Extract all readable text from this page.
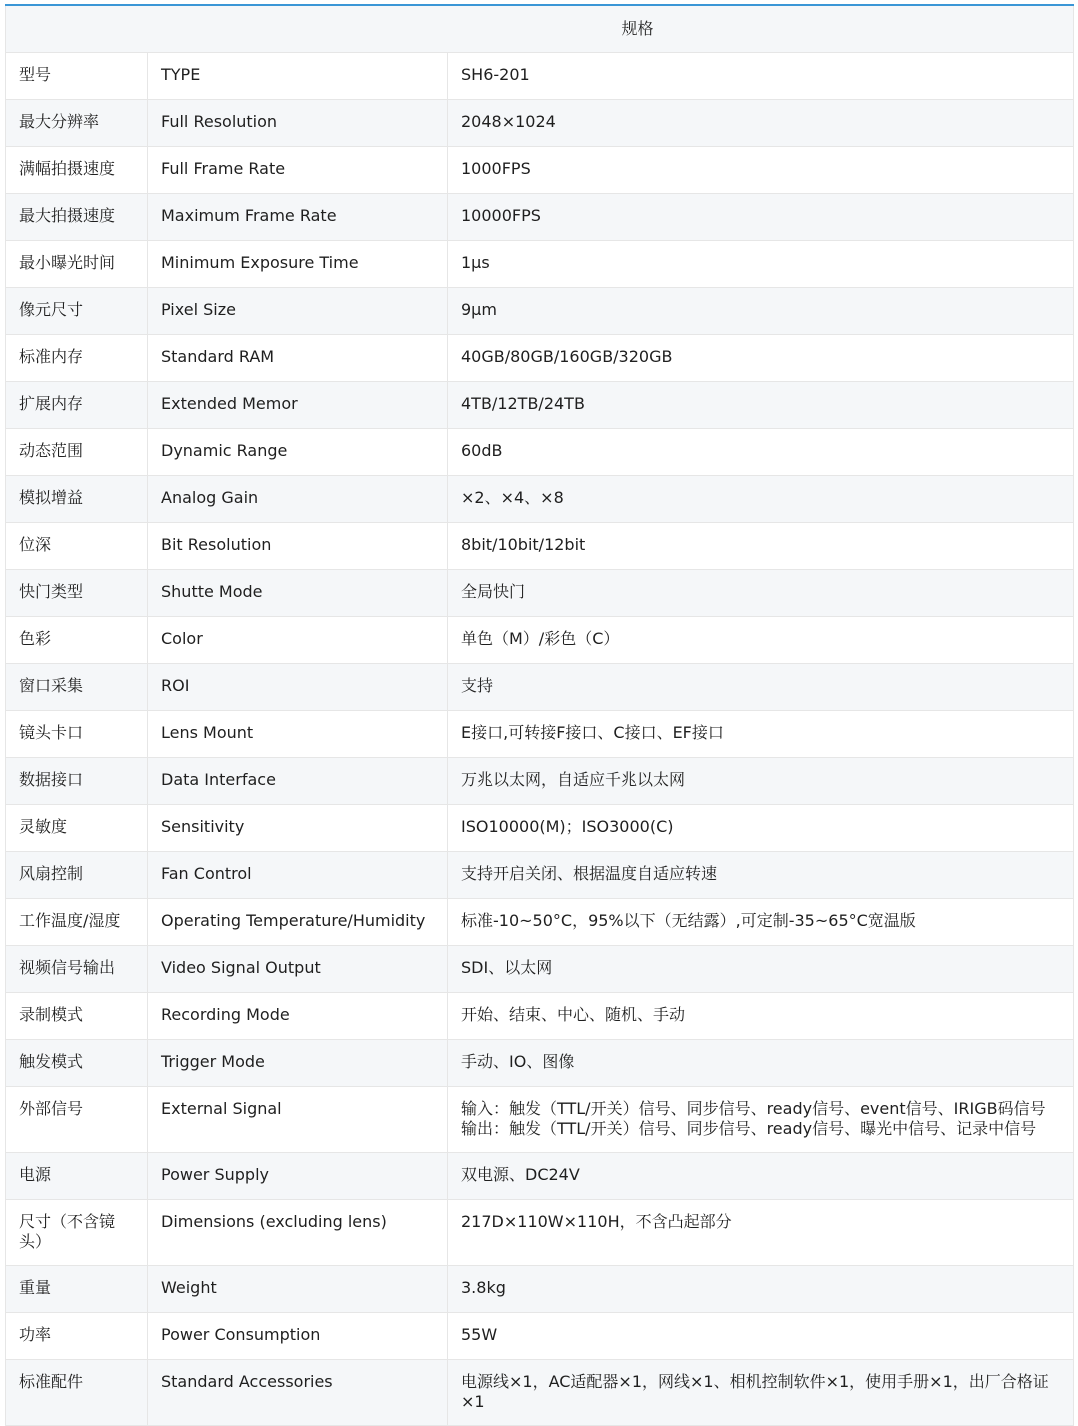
规格		
型号	TYPE	SH6-201

最大分辨率	Full Resolution	2048×1024

满幅拍摄速度	Full Frame Rate	1000FPS

最大拍摄速度	Maximum Frame Rate	10000FPS

最小曝光时间	Minimum Exposure Time	1μs

像元尺寸	Pixel Size	9μm

标准内存	Standard RAM	40GB/80GB/160GB/320GB

扩展内存	Extended Memor	4TB/12TB/24TB

动态范围	Dynamic Range	60dB

模拟增益	Analog Gain	×2、×4、×8

位深	Bit Resolution	8bit/10bit/12bit

快门类型	Shutte Mode	全局快门

色彩	Color	单色（M）/彩色（C）

窗口采集	ROI	支持

镜头卡口	Lens Mount	E接口,可转接F接口、C接口、EF接口

数据接口	Data Interface	万兆以太网，自适应千兆以太网

灵敏度	Sensitivity	ISO10000(M)；ISO3000(C)

风扇控制	Fan Control	支持开启关闭、根据温度自适应转速

工作温度/湿度	Operating Temperature/Humidity	标准-10~50°C，95%以下（无结露）,可定制-35~65°C宽温版

视频信号输出	Video Signal Output	SDI、以太网

录制模式	Recording Mode	开始、结束、中心、随机、手动

触发模式	Trigger Mode	手动、IO、图像

外部信号	External Signal	输入：触发（TTL/开关）信号、同步信号、ready信号、event信号、IRIGB码信号
输出：触发（TTL/开关）信号、同步信号、ready信号、曝光中信号、记录中信号

电源	Power Supply	双电源、DC24V

尺寸（不含镜头）	Dimensions (excluding lens)	217D×110W×110H，不含凸起部分

重量	Weight	3.8kg

功率	Power Consumption	55W

标准配件	Standard Accessories	电源线×1，AC适配器×1，网线×1、相机控制软件×1，使用手册×1，出厂合格证×1
